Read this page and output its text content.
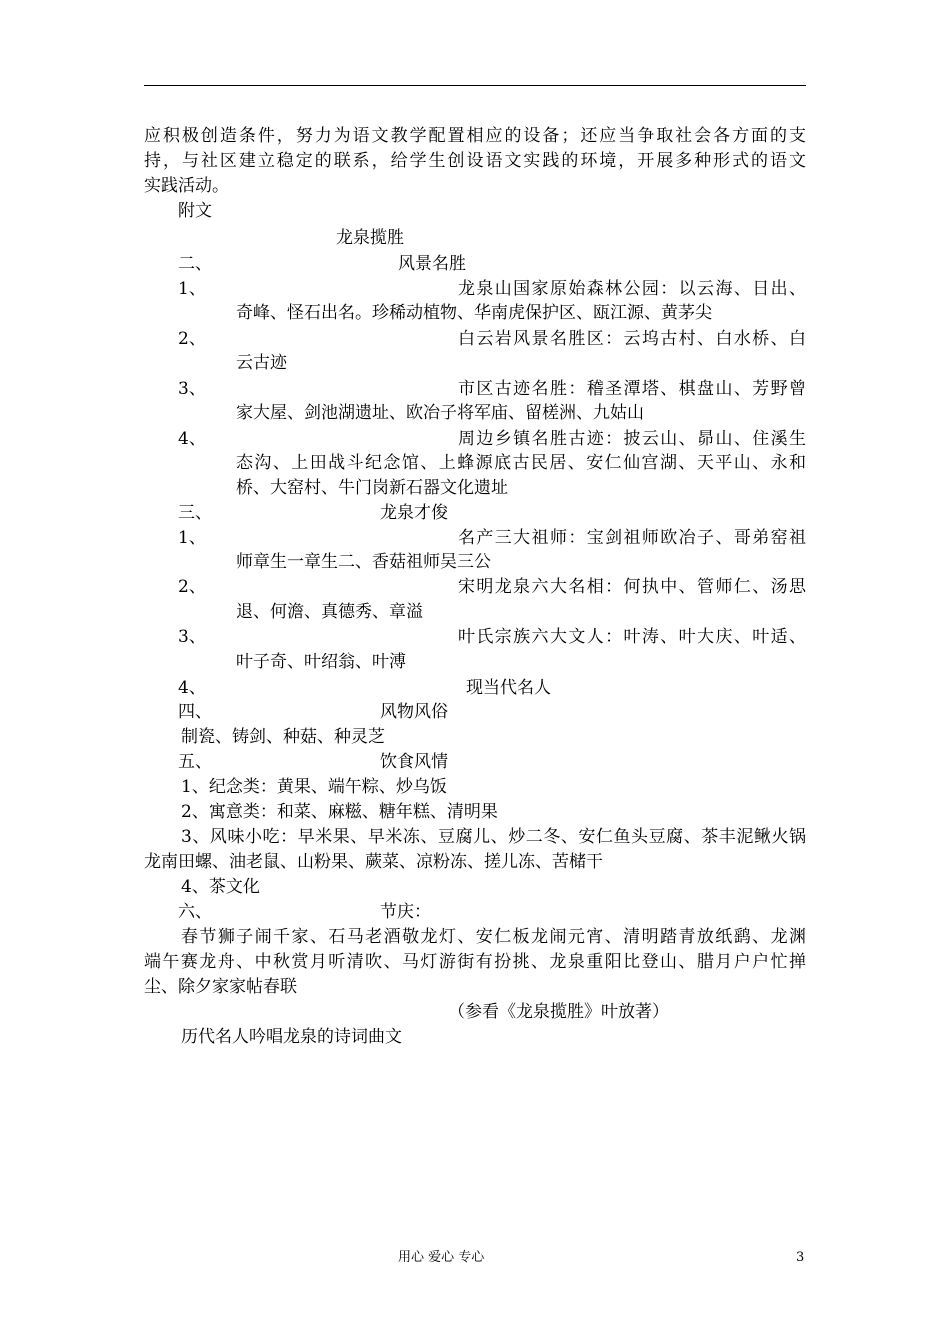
应积极创造条件，努力为语文教学配置相应的设备；还应当争取社会各方面的支
持，与社区建立稳定的联系，给学生创设语文实践的环境，开展多种形式的语文
实践活动。
附文
龙泉揽胜
二、	风景名胜
1、	龙泉山国家原始森林公园：以云海、日出、
奇峰、怪石出名。珍稀动植物、华南虎保护区、瓯江源、黄茅尖
2、	白云岩风景名胜区：云坞古村、白水桥、白
云古迹
3、	市区古迹名胜：稽圣潭塔、棋盘山、芳野曾
家大屋、剑池湖遗址、欧冶子将军庙、留槎洲、九姑山
4、	周边乡镇名胜古迹：披云山、昴山、住溪生
态沟、上田战斗纪念馆、上蜂源底古民居、安仁仙宫湖、天平山、永和
桥、大窑村、牛门岗新石器文化遗址
三、	龙泉才俊
1、	名产三大祖师：宝剑祖师欧冶子、哥弟窑祖
师章生一章生二、香菇祖师吴三公
2、	宋明龙泉六大名相：何执中、管师仁、汤思
退、何澹、真德秀、章溢
3、	叶氏宗族六大文人：叶涛、叶大庆、叶适、
叶子奇、叶绍翁、叶溥
4、	现当代名人
四、	风物风俗
制瓷、铸剑、种菇、种灵芝
五、	饮食风情
1、纪念类：黄果、端午粽、炒乌饭
2、寓意类：和菜、麻糍、糖年糕、清明果
3、风味小吃：早米果、早米冻、豆腐儿、炒二冬、安仁鱼头豆腐、茶丰泥鳅火锅
龙南田螺、油老鼠、山粉果、蕨菜、凉粉冻、搓儿冻、苦槠干
4、茶文化
六、	节庆：
春节狮子闹千家、石马老酒敬龙灯、安仁板龙闹元宵、清明踏青放纸鹞、龙渊
端午赛龙舟、中秋赏月听清吹、马灯游街有扮挑、龙泉重阳比登山、腊月户户忙掸
尘、除夕家家帖春联
（参看《龙泉揽胜》叶放著）
历代名人吟唱龙泉的诗词曲文
用心 爱心 专心	3
